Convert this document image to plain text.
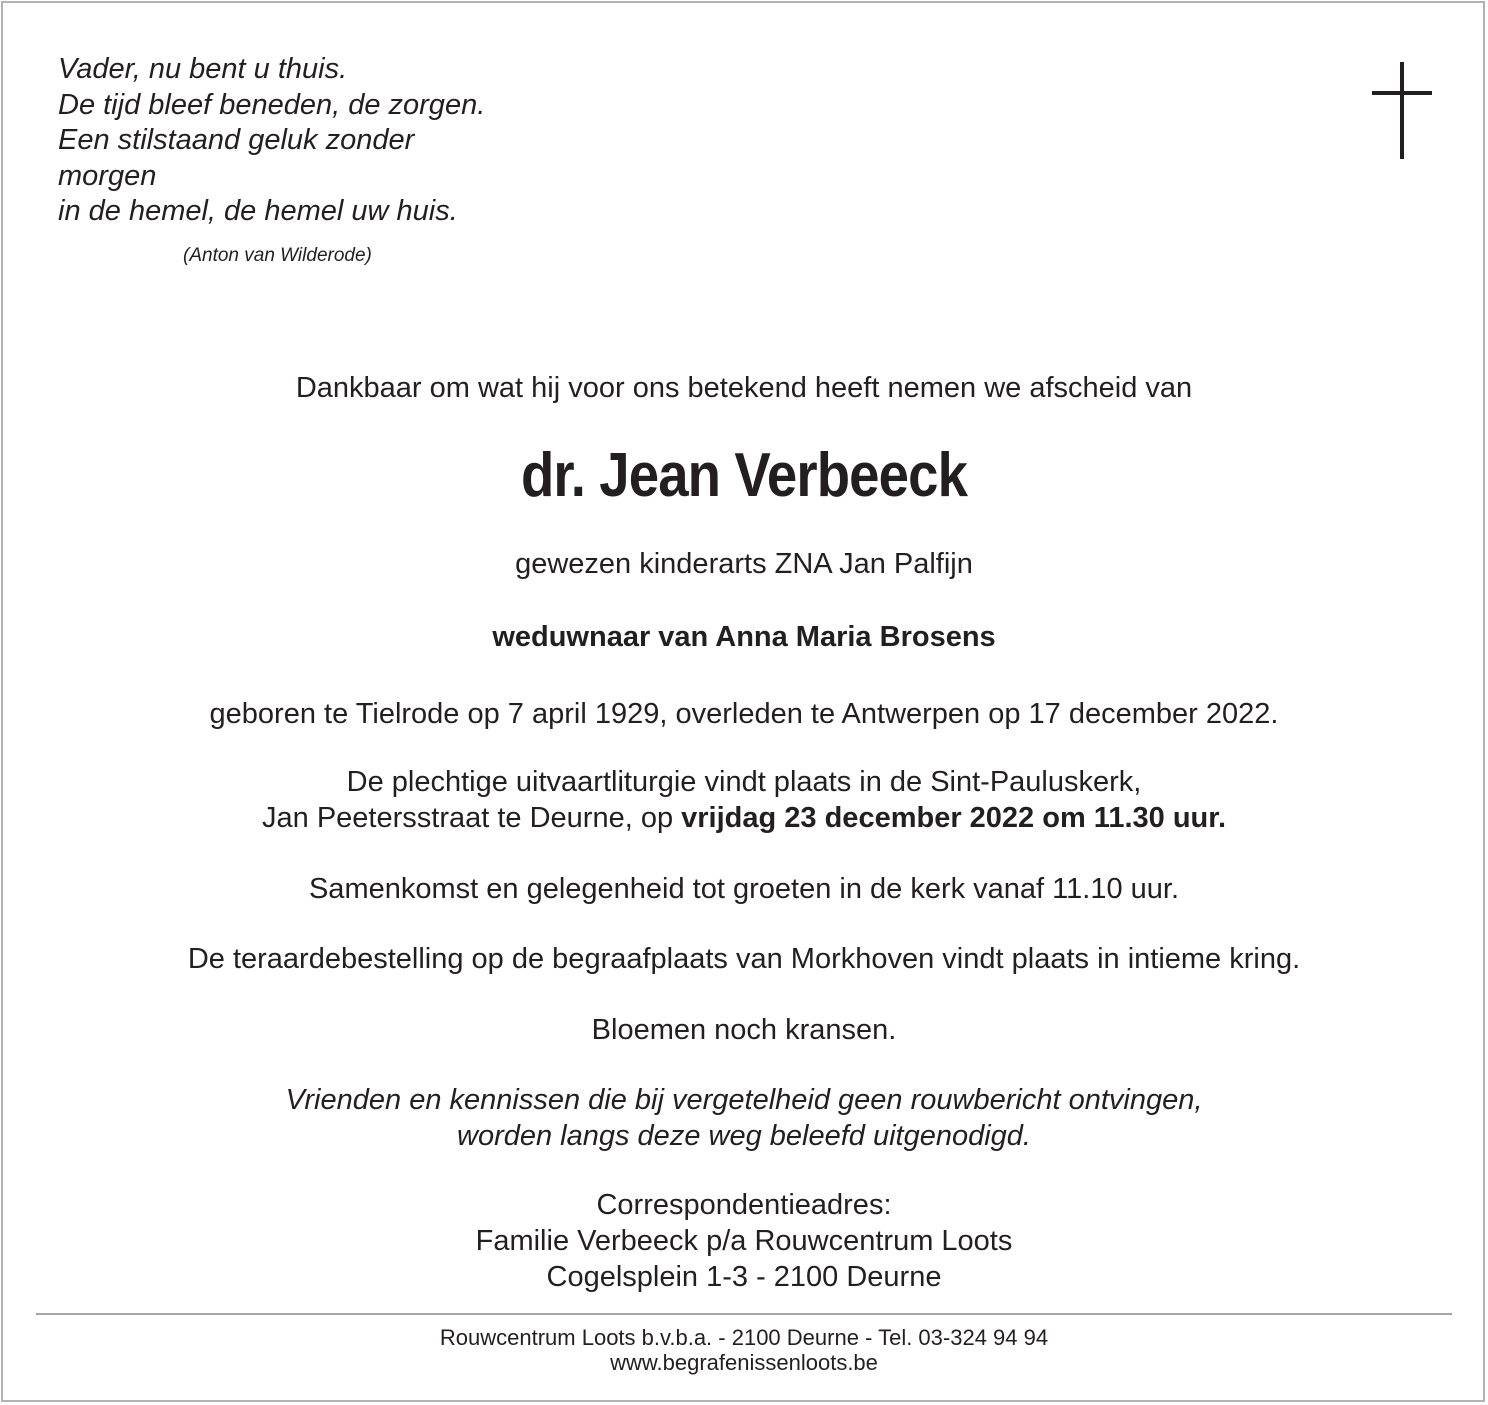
Vader, nu bent u thuis.
De tijd bleef beneden, de zorgen.
Een stilstaand geluk zonder
morgen
in de hemel, de hemel uw huis.
(Anton van Wilderode)
Dankbaar om wat hij voor ons betekend heeft nemen we afscheid van
dr. Jean Verbeeck
gewezen kinderarts ZNA Jan Palfijn
weduwnaar van Anna Maria Brosens
geboren te Tielrode op 7 april 1929, overleden te Antwerpen op 17 december 2022.
De plechtige uitvaartliturgie vindt plaats in de Sint-Pauluskerk,
Jan Peetersstraat te Deurne, op vrijdag 23 december 2022 om 11.30 uur.
Samenkomst en gelegenheid tot groeten in de kerk vanaf 11.10 uur.
De teraardebestelling op de begraafplaats van Morkhoven vindt plaats in intieme kring.
Bloemen noch kransen.
Vrienden en kennissen die bij vergetelheid geen rouwbericht ontvingen,
worden langs deze weg beleefd uitgenodigd.
Correspondentieadres:
Familie Verbeeck p/a Rouwcentrum Loots
Cogelsplein 1-3 - 2100 Deurne
Rouwcentrum Loots b.v.b.a. - 2100 Deurne - Tel. 03-324 94 94
www.begrafenissenloots.be
